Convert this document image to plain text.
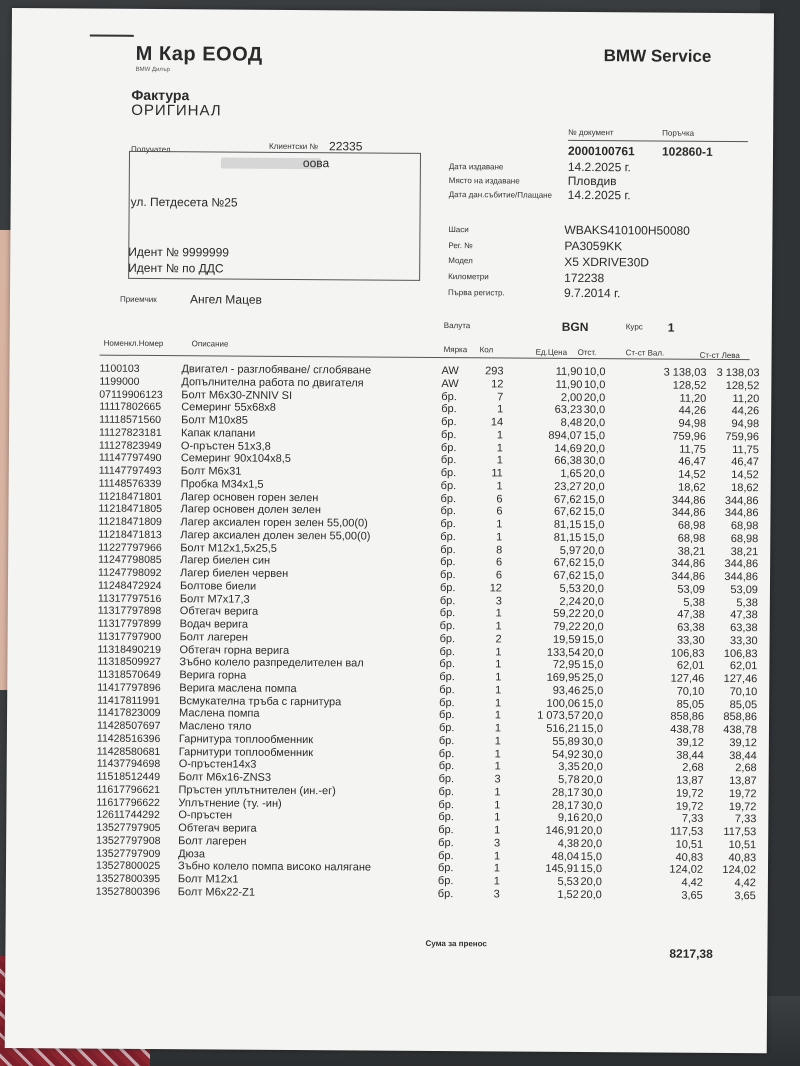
М Кар ЕООД
BMW Дилър
BMW Service
Фактура
ОРИГИНАЛ
№ документ	Поръчка
2000100761 102860-1
Получател	Клиентски № 22335
оова
ул. Петдесета №25
Идент № 9999999
Идент № по ДДС
Дата издаване	14.2.2025 г.
Място на издаване	Пловдив
Дата дан.събитие/Плащане 14.2.2025 г.
Шаси	WBAKS410100H50080
Рег. №	PA3059KK
Модел	X5 XDRIVE30D
Километри	172238
Първа регистр.	9.7.2014 г.
Приемчик	Ангел Мацев
Валута	BGN	Курс 1
Номенкл.Номер	Описание
Мярка Кол	Ед.Цена Отст.	Ст-ст Вал.	Ст-ст Лева
1100103	Двигател - разглобяване/ сглобяване	AW	293	11,90 10,0	3 138,03 3 138,03
1199000	Допълнителна работа по двигателя	AW	12	11,90 10,0	128,52	128,52
07119906123 Болт M6x30-ZNNIV SI	бр.	7	2,00 20,0	11,20	11,20
11117802665 Семеринг 55x68x8	бр.	1	63,23 30,0	44,26	44,26
11118571560 Болт M10x85	бр.	14	8,48 20,0	94,98	94,98
11127823181 Капак клапани	бр.	1	894,07 15,0	759,96	759,96
11127823949 О-пръстен 51x3,8	бр.	1	14,69 20,0	11,75	11,75
11147797490 Семеринг 90x104x8,5	бр.	1	66,38 30,0	46,47	46,47
11147797493 Болт M6x31	бр.	11	1,65 20,0	14,52	14,52
11148576339 Пробка M34x1,5	бр.	1	23,27 20,0	18,62	18,62
11218471801 Лагер основен горен зелен	бр.	6	67,62 15,0	344,86	344,86
11218471805 Лагер основен долен зелен	бр.	6	67,62 15,0	344,86	344,86
11218471809 Лагер аксиален горен зелен 55,00(0)	бр.	1	81,15 15,0	68,98	68,98
11218471813 Лагер аксиален долен зелен 55,00(0)	бр.	1	81,15 15,0	68,98	68,98
11227797966 Болт M12x1,5x25,5	бр.	8	5,97 20,0	38,21	38,21
11247798085 Лагер биелен син	бр.	6	67,62 15,0	344,86	344,86
11247798092 Лагер биелен червен	бр.	6	67,62 15,0	344,86	344,86
11248472924 Болтове биели	бр.	12	5,53 20,0	53,09	53,09
11317797516 Болт M7x17,3	бр.	3	2,24 20,0	5,38	5,38
11317797898 Обтегач верига	бр.	1	59,22 20,0	47,38	47,38
11317797899 Водач верига	бр.	1	79,22 20,0	63,38	63,38
11317797900 Болт лагерен	бр.	2	19,59 15,0	33,30	33,30
11318490219 Обтегач горна верига	бр.	1	133,54 20,0	106,83	106,83
11318509927 Зъбно колело разпределителен вал	бр.	1	72,95 15,0	62,01	62,01
11318570649 Верига горна	бр.	1	169,95 25,0	127,46	127,46
11417797896 Верига маслена помпа	бр.	1	93,46 25,0	70,10	70,10
11417811991 Всмукателна тръба с гарнитура	бр.	1	100,06 15,0	85,05	85,05
11417823009 Маслена помпа	бр.	1	1 073,57 20,0	858,86	858,86
11428507697 Маслено тяло	бр.	1	516,21 15,0	438,78	438,78
11428516396 Гарнитура топлообменник	бр.	1	55,89 30,0	39,12	39,12
11428580681 Гарнитури топлообменник	бр.	1	54,92 30,0	38,44	38,44
11437794698 О-пръстен14x3	бр.	1	3,35 20,0	2,68	2,68
11518512449 Болт M6x16-ZNS3	бр.	3	5,78 20,0	13,87	13,87
11617796621 Пръстен уплътнителен (ин.-ег)	бр.	1	28,17 30,0	19,72	19,72
11617796622 Уплътнение (ту. -ин)	бр.	1	28,17 30,0	19,72	19,72
12611744292 О-пръстен	бр.	1	9,16 20,0	7,33	7,33
13527797905 Обтегач верига	бр.	1	146,91 20,0	117,53	117,53
13527797908 Болт лагерен	бр.	3	4,38 20,0	10,51	10,51
13527797909 Дюза	бр.	1	48,04 15,0	40,83	40,83
13527800025 Зъбно колело помпа високо налягане	бр.	1	145,91 15,0	124,02	124,02
13527800395 Болт M12x1	бр.	1	5,53 20,0	4,42	4,42
13527800396 Болт M6x22-Z1	бр.	3	1,52 20,0	3,65	3,65
Сума за пренос
8217,38
